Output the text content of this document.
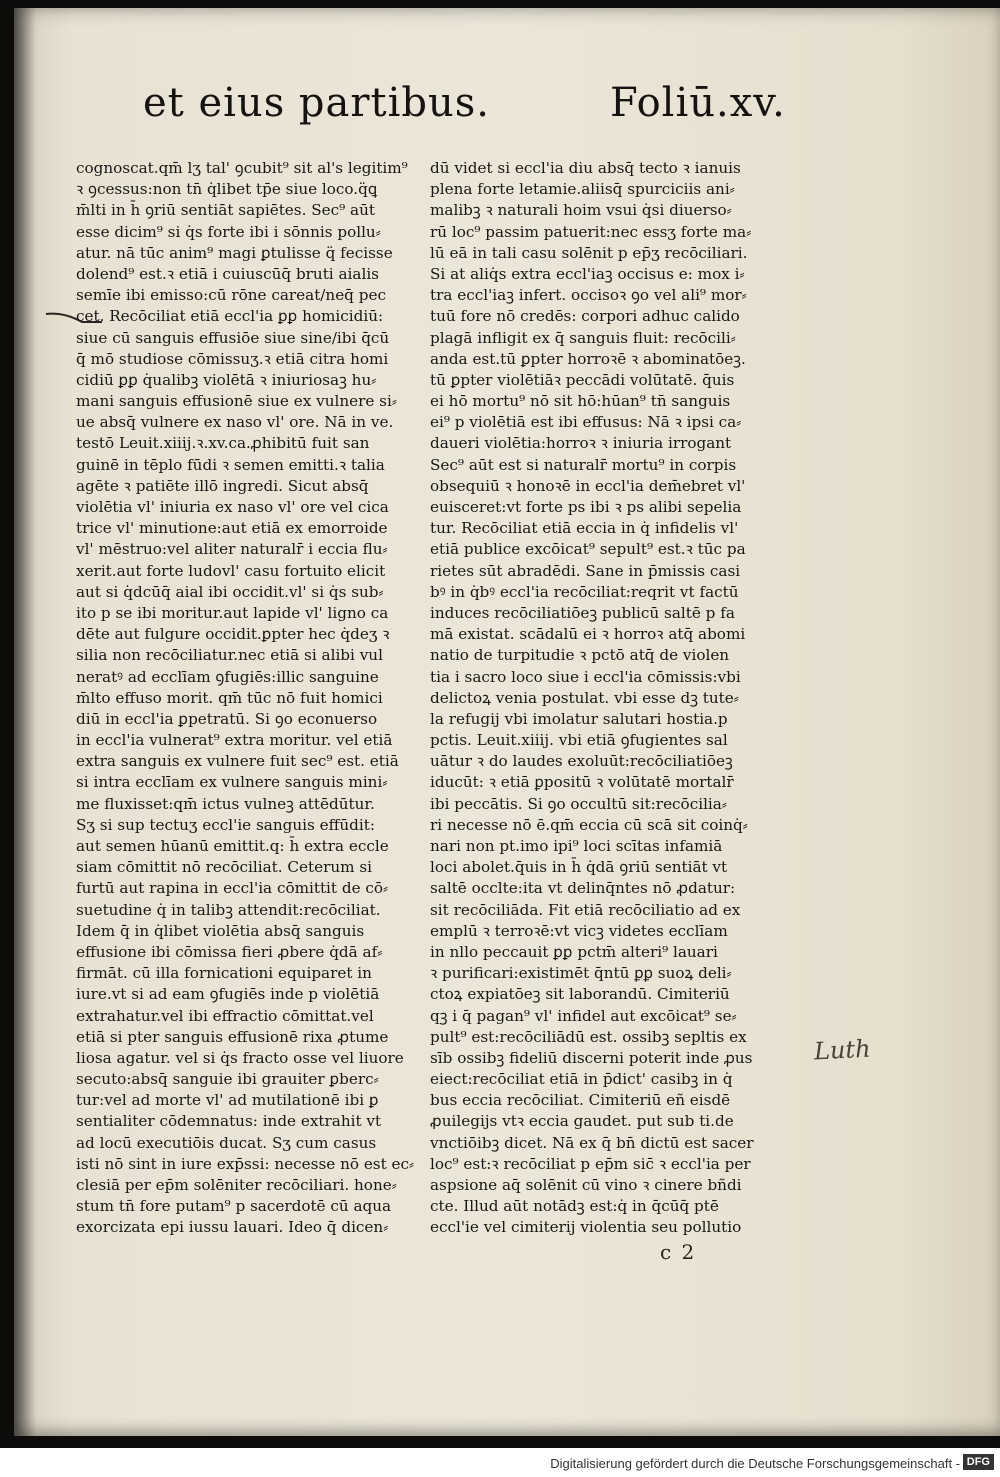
et eius partibus.	Foliū.xv.
cognoscat.qm̄ lʒ tal' ꝯcubit⁹ sit al's legitim⁹
ꝛ ꝯcessus:non tn̄ q̇libet tp̄e siue loco.q̈ꝗ
m̄lti in h̄ ꝯriū sentiāt sapiētes. Sec⁹ aūt
esse dicim⁹ si q̇s forte ibi i sōnnis pollu⸗
atur. nā tūc anim⁹ magi ꝑtulisse q̈ fecisse
dolend⁹ est.ꝛ etiā i cuiuscūq̄ bruti aialis
semīe ibi emisso:cū rōne careat/neq̄ pec
cet. Recōciliat etiā eccl'ia ꝑꝑ homicidiū:
siue cū sanguis effusiōe siue sine/ibi q̄cū
q̄ mō studiose cōmissuʒ.ꝛ etiā citra homi
cidiū ꝑꝑ q̇ualibꝫ violētā ꝛ iniuriosaꝫ hu⸗
mani sanguis effusionē siue ex vulnere si⸗
ue absq̄ vulnere ex naso vl' ore. Nā in ve.
testō Leuit.xiiij.ꝛ.xv.ca.ꝓhibitū fuit san
guinē in tēplo fūdi ꝛ semen emitti.ꝛ talia
agēte ꝛ patiēte illō ingredi. Sicut absq̄
violētia vl' iniuria ex naso vl' ore vel cica
trice vl' minutione:aut etiā ex emorroide
vl' mēstruo:vel aliter naturalr̄ i eccia flu⸗
xerit.aut forte ludovl' casu fortuito elicit
aut si q̇dcūq̄ aial ibi occidit.vl' si q̇s sub⸗
ito p se ibi moritur.aut lapide vl' ligno ca
dēte aut fulgure occidit.ꝑpter hec q̇deʒ ꝛ
silia non recōciliatur.nec etiā si alibi vul
neratꝰ ad ecclīam ꝯfugiēs:illic sanguine
m̄lto effuso morit. qm̄ tūc nō fuit homici
diū in eccl'ia ꝑpetratū. Si ꝯo econuerso
in eccl'ia vulnerat⁹ extra moritur. vel etiā
extra sanguis ex vulnere fuit sec⁹ est. etiā
si intra ecclīam ex vulnere sanguis mini⸗
me fluxisset:qm̄ ictus vulneꝫ attēdūtur.
Sʒ si sup tectuʒ eccl'ie sanguis effūdit:
aut semen hūanū emittit.q: h̄ extra eccle
siam cōmittit nō recōciliat. Ceterum si
furtū aut rapina in eccl'ia cōmittit de cō⸗
suetudine q̇ in talibꝫ attendit:recōciliat.
Idem q̄ in q̇libet violētia absq̄ sanguis
effusione ibi cōmissa fieri ꝓbere q̇dā af⸗
firmāt. cū illa fornicationi equiparet in
iure.vt si ad eam ꝯfugiēs inde p violētiā
extrahatur.vel ibi effractio cōmittat.vel
etiā si pter sanguis effusionē rixa ꝓtume
liosa agatur. vel si q̇s fracto osse vel liuore
secuto:absq̄ sanguie ibi grauiter ꝑberc⸗
tur:vel ad morte vl' ad mutilationē ibi ꝑ
sentialiter cōdemnatus: inde extrahit vt
ad locū executiōis ducat. Sʒ cum casus
isti nō sint in iure exp̄ssi: necesse nō est ec⸗
clesiā per ep̄m solēniter recōciliari. hone⸗
stum tn̄ fore putam⁹ p sacerdotē cū aqua
exorcizata epi iussu lauari. Ideo q̄ dicen⸗
dū videt si eccl'ia diu absq̄ tecto ꝛ ianuis
plena forte letamie.aliisq̄ spurciciis ani⸗
malibꝫ ꝛ naturali hoim vsui q̇si diuerso⸗
rū loc⁹ passim patuerit:nec essʒ forte ma⸗
lū eā in tali casu solēnit p ep̄ʒ recōciliari.
Si at aliq̇s extra eccl'iaꝫ occisus e: mox i⸗
tra eccl'iaꝫ infert. occisoꝛ ꝯo vel ali⁹ mor⸗
tuū fore nō credēs: corpori adhuc calido
plagā infligit ex q̄ sanguis fluit: recōcili⸗
anda est.tū ꝑpter horroꝛē ꝛ abominatōeꝫ.
tū ꝑpter violētiāꝛ peccādi volūtatē. q̄uis
ei hō mortu⁹ nō sit hō:hūan⁹ tn̄ sanguis
ei⁹ p violētiā est ibi effusus: Nā ꝛ ipsi ca⸗
daueri violētia:horroꝛ ꝛ iniuria irrogant
Sec⁹ aūt est si naturalr̄ mortu⁹ in corpis
obsequiū ꝛ honoꝛē in eccl'ia dem̄ebret vl'
euisceret:vt forte ps ibi ꝛ ps alibi sepelia
tur. Recōciliat etiā eccia in q̇ infidelis vl'
etiā publice excōicat⁹ sepult⁹ est.ꝛ tūc pa
rietes sūt abradēdi. Sane in p̄missis casi
bꝰ in q̇bꝰ eccl'ia recōciliat:reqrit vt factū
induces recōciliatiōeꝫ publicū saltē p fa
mā existat. scādalū ei ꝛ horroꝛ atq̄ abomi
natio de turpitudie ꝛ pctō atq̄ de violen
tia i sacro loco siue i eccl'ia cōmissis:vbi
delictoꝝ venia postulat. vbi esse dꝫ tute⸗
la refugij vbi imolatur salutari hostia.p
pctis. Leuit.xiiij. vbi etiā ꝯfugientes sal
uātur ꝛ do laudes exoluūt:recōciliatiōeꝫ
iducūt: ꝛ etiā ꝑpositū ꝛ volūtatē mortalr̄
ibi peccātis. Si ꝯo occultū sit:recōcilia⸗
ri necesse nō ē.qm̄ eccia cū scā sit coinq̇⸗
nari non pt.imo ipi⁹ loci scītas infamiā
loci abolet.q̄uis in h̄ q̇dā ꝯriū sentiāt vt
saltē occlte:ita vt delinq̄ntes nō ꝓdatur:
sit recōciliāda. Fit etiā recōciliatio ad ex
emplū ꝛ terroꝛē:vt vicꝫ videtes ecclīam
in nllo peccauit ꝑꝑ pctm̄ alteri⁹ lauari
ꝛ purificari:existimēt q̄ntū ꝑꝑ suoꝝ deli⸗
ctoꝝ expiatōeꝫ sit laborandū. Cimiteriū
qꝫ i q̄ pagan⁹ vl' infidel aut excōicat⁹ se⸗
pult⁹ est:recōciliādū est. ossibꝫ sepltis ex
sīb ossibꝫ fideliū discerni poterit inde ꝓus
eiect:recōciliat etiā in p̄dict' casibꝫ in q̇
bus eccia recōciliat. Cimiteriū eñ eisdē
ꝓuilegijs vtꝛ eccia gaudet. put sub ti.de
vnctiōibꝫ dicet. Nā ex q̄ bn̄ dictū est sacer
loc⁹ est:ꝛ recōciliat p ep̄m sic̄ ꝛ eccl'ia per
aspsione aq̄ solēnit cū vino ꝛ cinere bñdi
cte. Illud aūt notādꝫ est:q̇ in q̄cūq̄ ptē
eccl'ie vel cimiterij violentia seu pollutio
c 2
Luth
Digitalisierung gefördert durch die Deutsche Forschungsgemeinschaft - DFG
